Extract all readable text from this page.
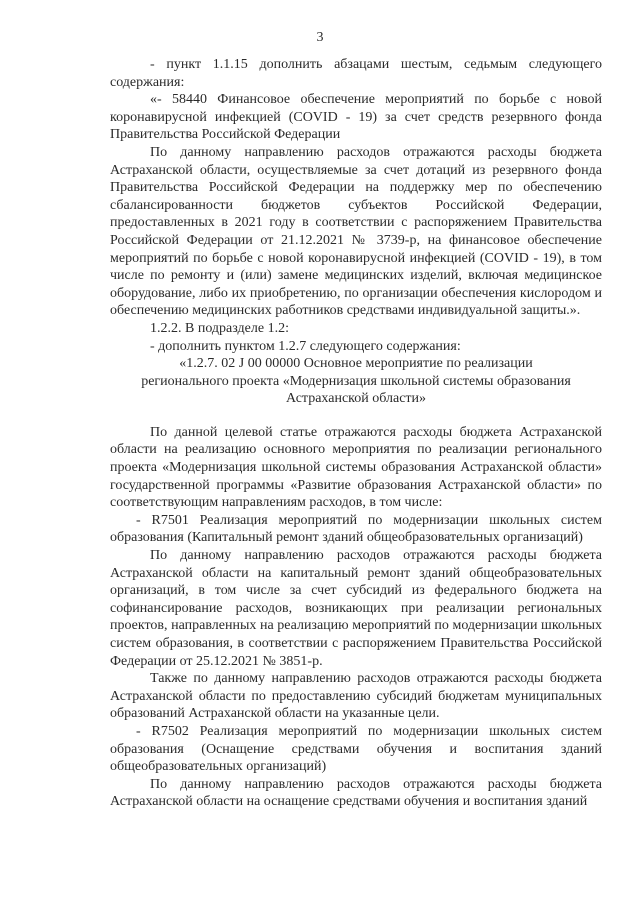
3

- пункт 1.1.15 дополнить абзацами шестым, седьмым следующего содержания:

«- 58440 Финансовое обеспечение мероприятий по борьбе с новой коронавирусной инфекцией (COVID - 19) за счет средств резервного фонда Правительства Российской Федерации

По данному направлению расходов отражаются расходы бюджета Астраханской области, осуществляемые за счет дотаций из резервного фонда Правительства Российской Федерации на поддержку мер по обеспечению сбалансированности бюджетов субъектов Российской Федерации, предоставленных в 2021 году в соответствии с распоряжением Правительства Российской Федерации от 21.12.2021 № 3739-р, на финансовое обеспечение мероприятий по борьбе с новой коронавирусной инфекцией (COVID - 19), в том числе по ремонту и (или) замене медицинских изделий, включая медицинское оборудование, либо их приобретению, по организации обеспечения кислородом и обеспечению медицинских работников средствами индивидуальной защиты.».

1.2.2. В подразделе 1.2:

- дополнить пунктом 1.2.7 следующего содержания:

«1.2.7. 02 J 00 00000 Основное мероприятие по реализации регионального проекта «Модернизация школьной системы образования Астраханской области»

По данной целевой статье отражаются расходы бюджета Астраханской области на реализацию основного мероприятия по реализации регионального проекта «Модернизация школьной системы образования Астраханской области» государственной программы «Развитие образования Астраханской области» по соответствующим направлениям расходов, в том числе:

- R7501 Реализация мероприятий по модернизации школьных систем образования (Капитальный ремонт зданий общеобразовательных организаций)

По данному направлению расходов отражаются расходы бюджета Астраханской области на капитальный ремонт зданий общеобразовательных организаций, в том числе за счет субсидий из федерального бюджета на софинансирование расходов, возникающих при реализации региональных проектов, направленных на реализацию мероприятий по модернизации школьных систем образования, в соответствии с распоряжением Правительства Российской Федерации от 25.12.2021 № 3851-р.

Также по данному направлению расходов отражаются расходы бюджета Астраханской области по предоставлению субсидий бюджетам муниципальных образований Астраханской области на указанные цели.

- R7502 Реализация мероприятий по модернизации школьных систем образования (Оснащение средствами обучения и воспитания зданий общеобразовательных организаций)

По данному направлению расходов отражаются расходы бюджета Астраханской области на оснащение средствами обучения и воспитания зданий
